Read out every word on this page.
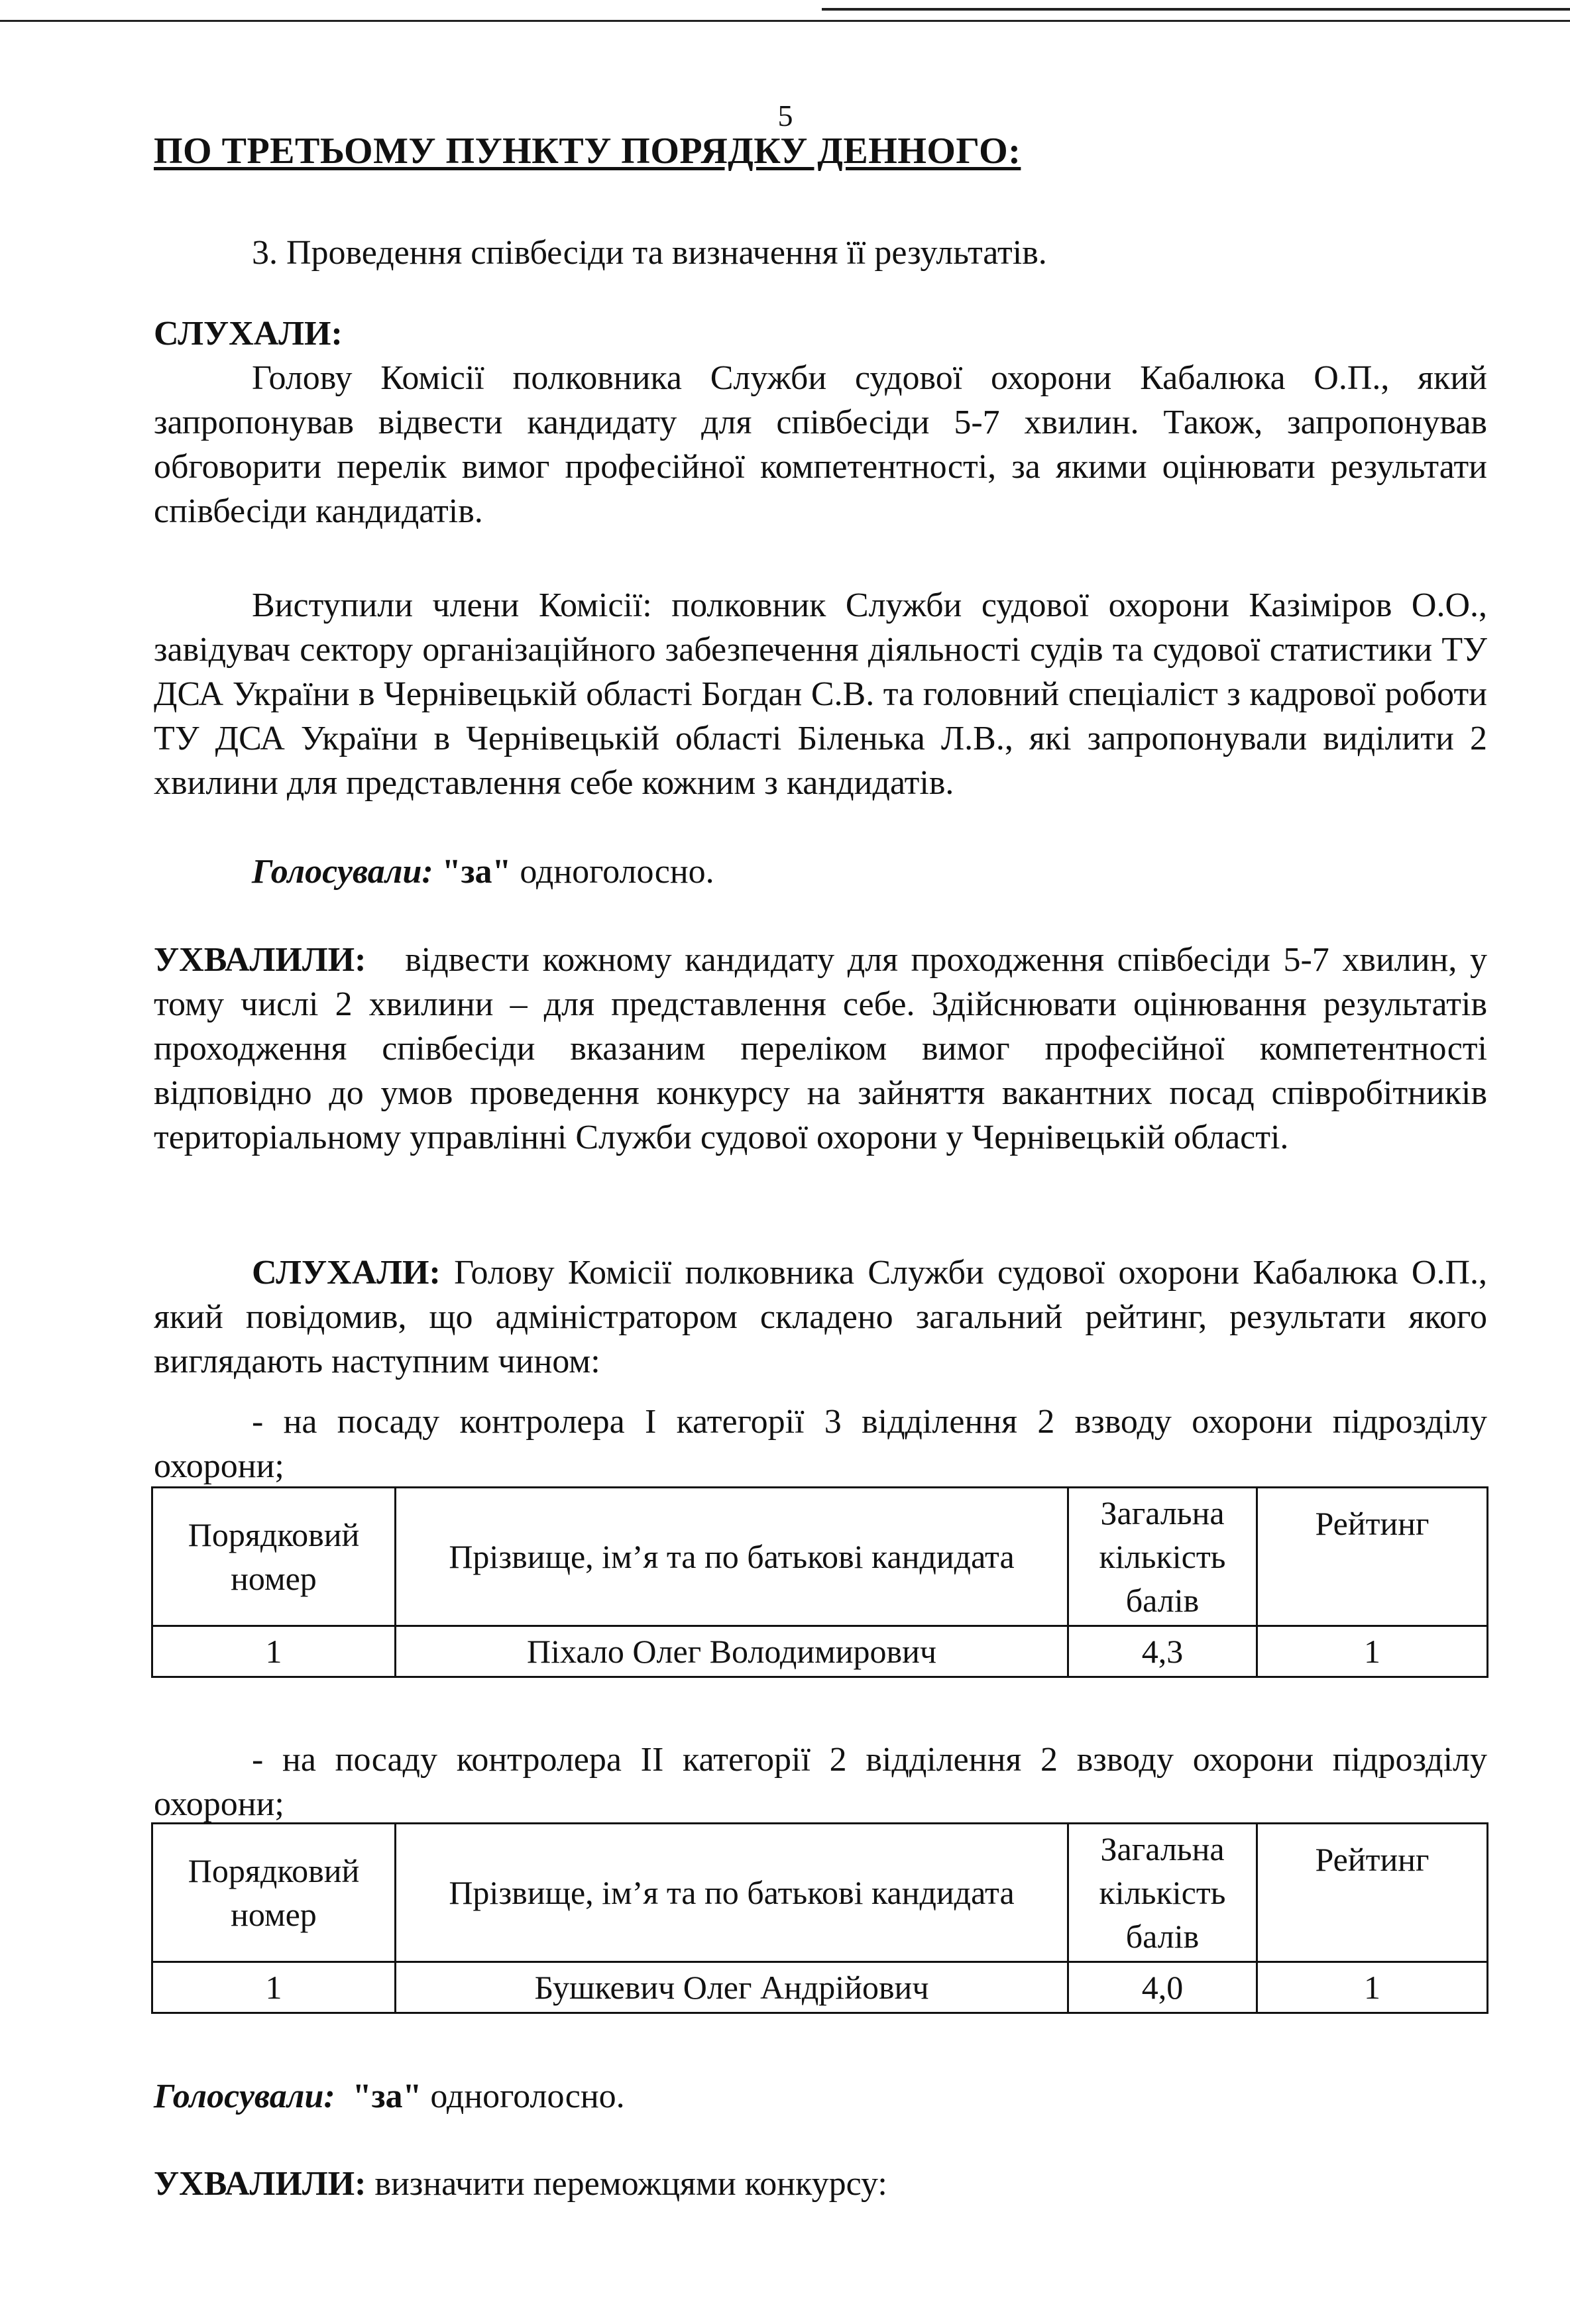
5
ПО ТРЕТЬОМУ ПУНКТУ ПОРЯДКУ ДЕННОГО:
3. Проведення співбесіди та визначення її результатів.
СЛУХАЛИ:
Голову Комісії полковника Служби судової охорони Кабалюка О.П., який запропонував відвести кандидату для співбесіди 5-7 хвилин. Також, запропонував обговорити перелік вимог професійної компетентності, за якими оцінювати результати співбесіди кандидатів.
Виступили члени Комісії: полковник Служби судової охорони Казіміров О.О., завідувач сектору організаційного забезпечення діяльності судів та судової статистики ТУ ДСА України в Чернівецькій області Богдан С.В. та головний спеціаліст з кадрової роботи ТУ ДСА України в Чернівецькій області Біленька Л.В., які запропонували виділити 2 хвилини для представлення себе кожним з кандидатів.
Голосували: "за" одноголосно.
УХВАЛИЛИ: відвести кожному кандидату для проходження співбесіди 5-7 хвилин, у тому числі 2 хвилини – для представлення себе. Здійснювати оцінювання результатів проходження співбесіди вказаним переліком вимог професійної компетентності відповідно до умов проведення конкурсу на зайняття вакантних посад співробітників територіальному управлінні Служби судової охорони у Чернівецькій області.
СЛУХАЛИ: Голову Комісії полковника Служби судової охорони Кабалюка О.П., який повідомив, що адміністратором складено загальний рейтинг, результати якого виглядають наступним чином:
- на посаду контролера I категорії 3 відділення 2 взводу охорони підрозділу охорони;
Порядковий номер	Прізвище, ім’я та по батькові кандидата	Загальна кількість балів	Рейтинг
1	Піхало Олег Володимирович	4,3	1
- на посаду контролера II категорії 2 відділення 2 взводу охорони підрозділу охорони;
Порядковий номер	Прізвище, ім’я та по батькові кандидата	Загальна кількість балів	Рейтинг
1	Бушкевич Олег Андрійович	4,0	1
Голосували: "за" одноголосно.
УХВАЛИЛИ: визначити переможцями конкурсу:
